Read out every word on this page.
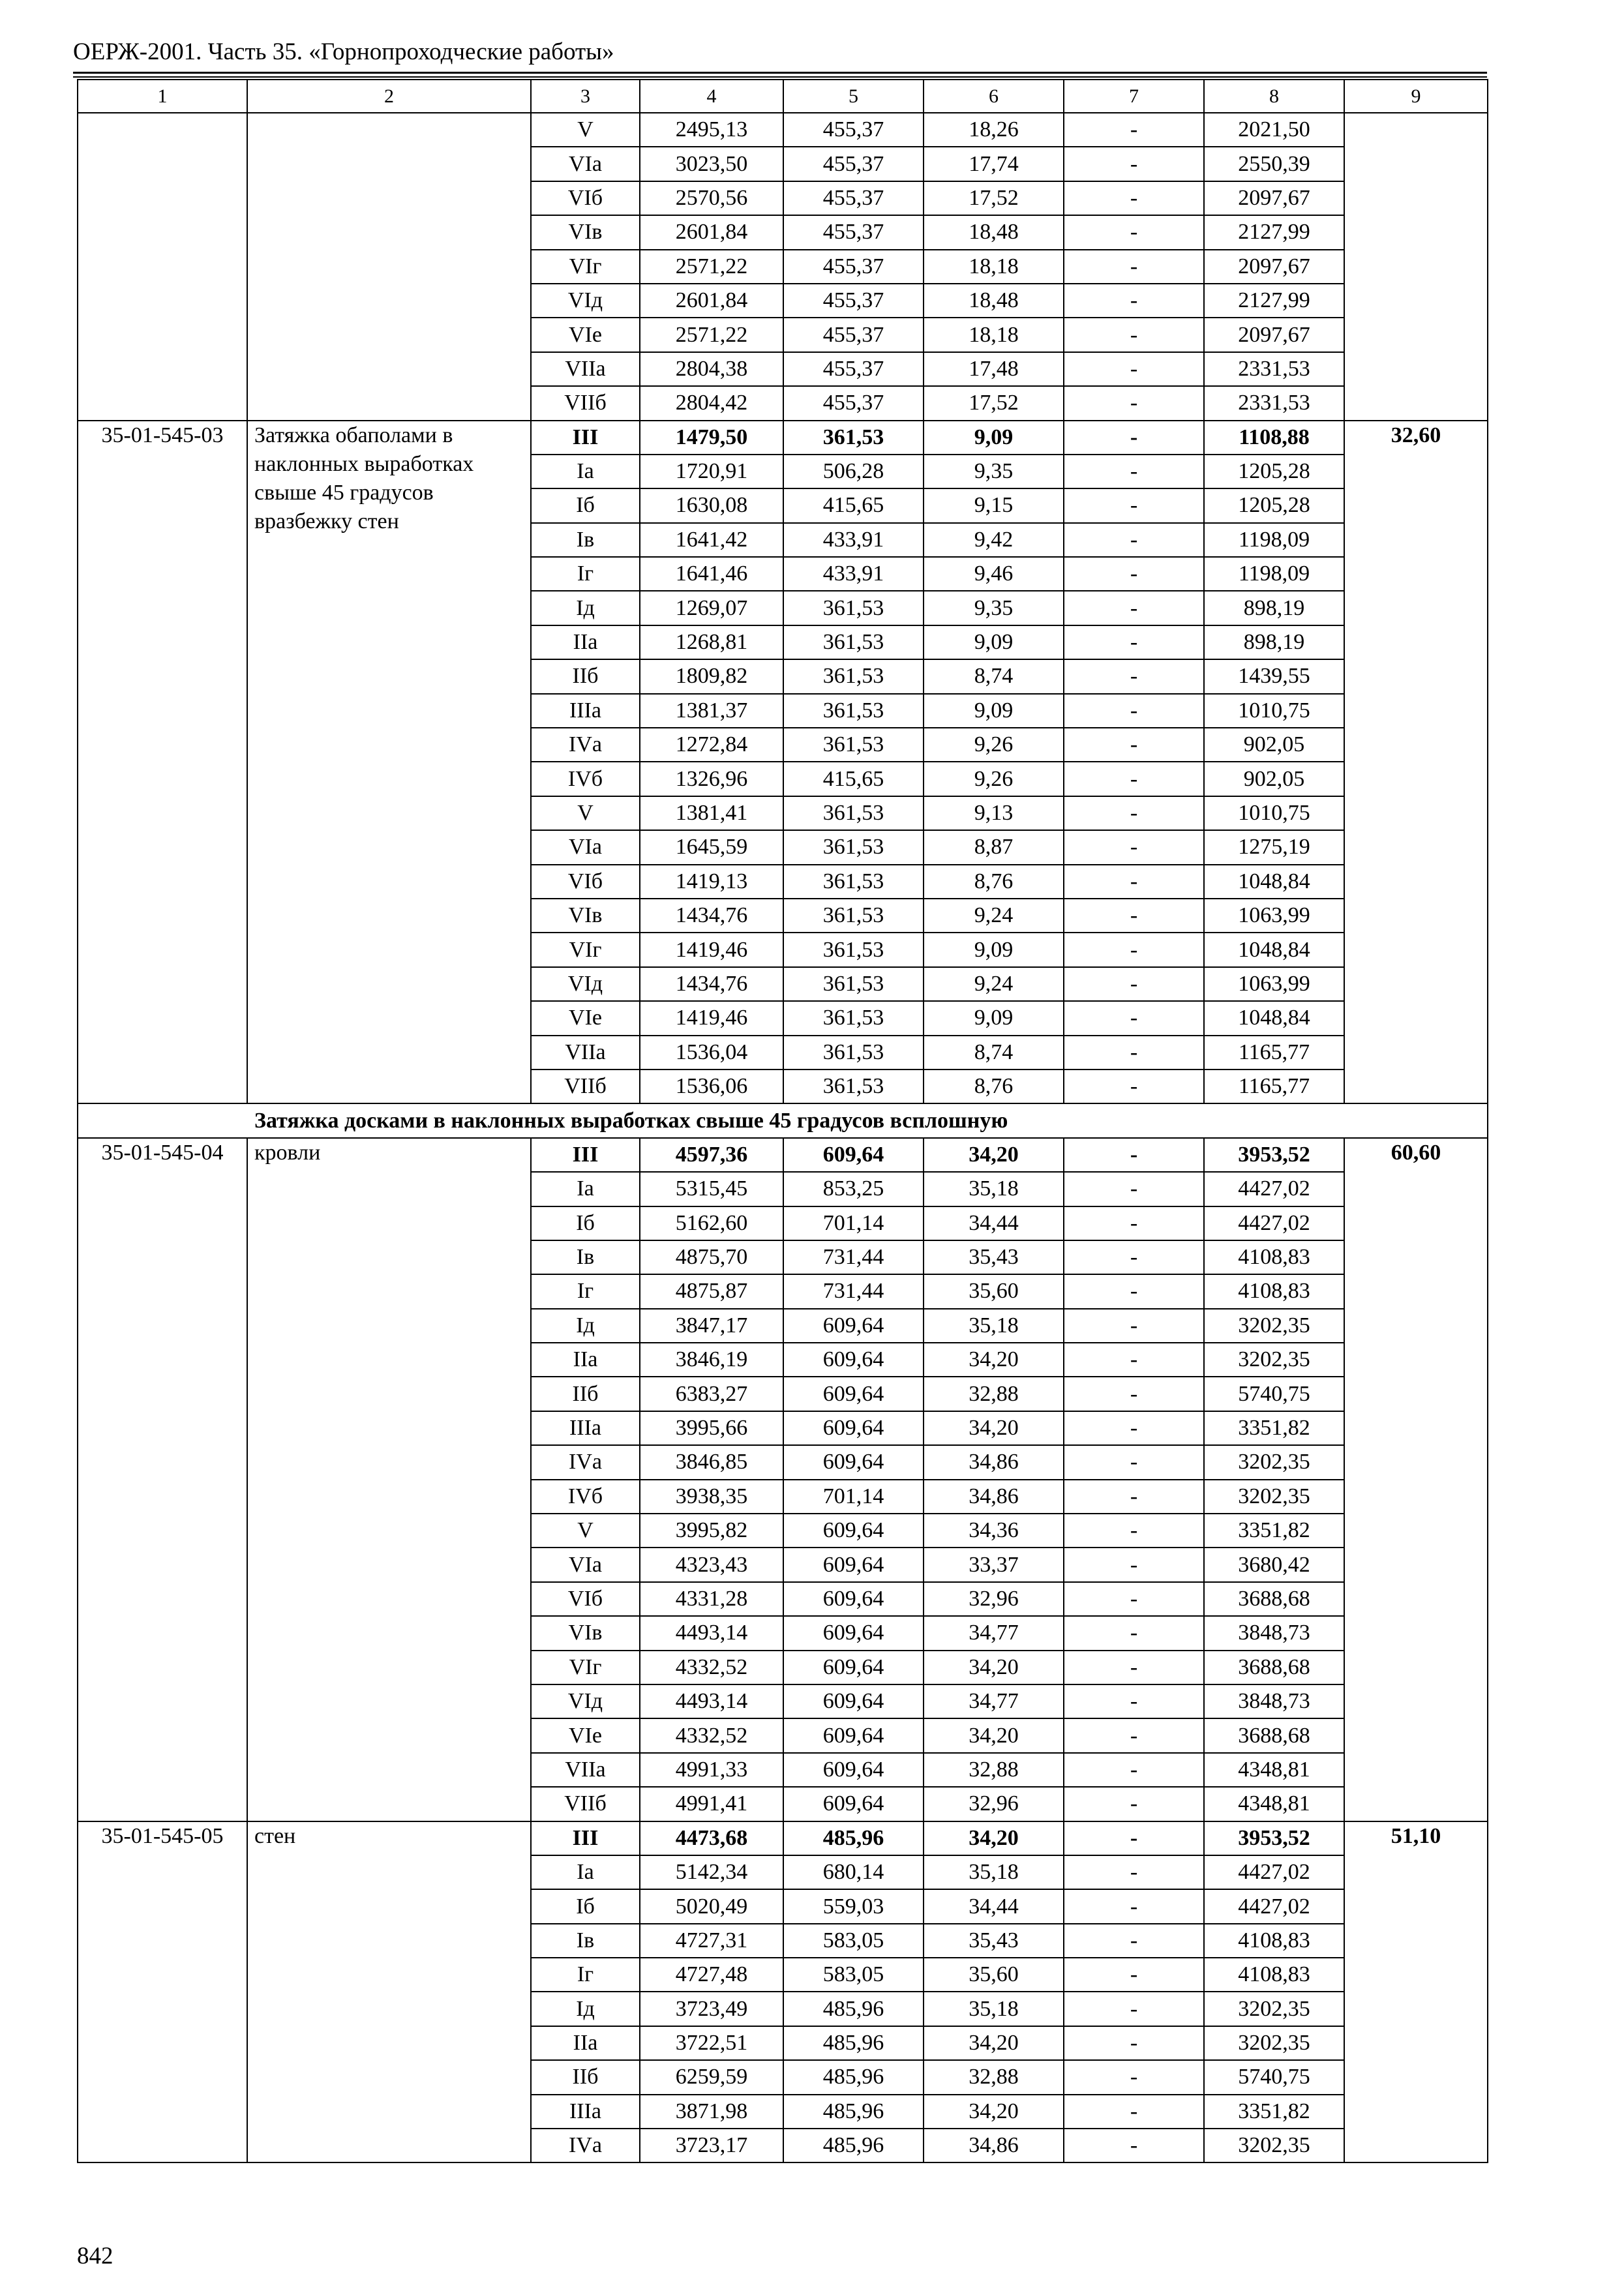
ОЕРЖ-2001. Часть 35. «Горнопроходческие работы»
1	2	3	4	5	6	7	8	9
		V	2495,13	455,37	18,26	-	2021,50	
		VIа	3023,50	455,37	17,74	-	2550,39	
		VIб	2570,56	455,37	17,52	-	2097,67	
		VIв	2601,84	455,37	18,48	-	2127,99	
		VIг	2571,22	455,37	18,18	-	2097,67	
		VIд	2601,84	455,37	18,48	-	2127,99	
		VIе	2571,22	455,37	18,18	-	2097,67	
		VIIа	2804,38	455,37	17,48	-	2331,53	
		VIIб	2804,42	455,37	17,52	-	2331,53	
35-01-545-03	Затяжка обаполами в наклонных выработках свыше 45 градусов вразбежку стен	III	1479,50	361,53	9,09	-	1108,88	32,60
		Iа	1720,91	506,28	9,35	-	1205,28	
		Iб	1630,08	415,65	9,15	-	1205,28	
		Iв	1641,42	433,91	9,42	-	1198,09	
		Iг	1641,46	433,91	9,46	-	1198,09	
		Iд	1269,07	361,53	9,35	-	898,19	
		IIа	1268,81	361,53	9,09	-	898,19	
		IIб	1809,82	361,53	8,74	-	1439,55	
		IIIа	1381,37	361,53	9,09	-	1010,75	
		IVа	1272,84	361,53	9,26	-	902,05	
		IVб	1326,96	415,65	9,26	-	902,05	
		V	1381,41	361,53	9,13	-	1010,75	
		VIа	1645,59	361,53	8,87	-	1275,19	
		VIб	1419,13	361,53	8,76	-	1048,84	
		VIв	1434,76	361,53	9,24	-	1063,99	
		VIг	1419,46	361,53	9,09	-	1048,84	
		VIд	1434,76	361,53	9,24	-	1063,99	
		VIе	1419,46	361,53	9,09	-	1048,84	
		VIIа	1536,04	361,53	8,74	-	1165,77	
		VIIб	1536,06	361,53	8,76	-	1165,77	
Затяжка досками в наклонных выработках свыше 45 градусов всплошную								
35-01-545-04	кровли	III	4597,36	609,64	34,20	-	3953,52	60,60
		Iа	5315,45	853,25	35,18	-	4427,02	
		Iб	5162,60	701,14	34,44	-	4427,02	
		Iв	4875,70	731,44	35,43	-	4108,83	
		Iг	4875,87	731,44	35,60	-	4108,83	
		Iд	3847,17	609,64	35,18	-	3202,35	
		IIа	3846,19	609,64	34,20	-	3202,35	
		IIб	6383,27	609,64	32,88	-	5740,75	
		IIIа	3995,66	609,64	34,20	-	3351,82	
		IVа	3846,85	609,64	34,86	-	3202,35	
		IVб	3938,35	701,14	34,86	-	3202,35	
		V	3995,82	609,64	34,36	-	3351,82	
		VIа	4323,43	609,64	33,37	-	3680,42	
		VIб	4331,28	609,64	32,96	-	3688,68	
		VIв	4493,14	609,64	34,77	-	3848,73	
		VIг	4332,52	609,64	34,20	-	3688,68	
		VIд	4493,14	609,64	34,77	-	3848,73	
		VIе	4332,52	609,64	34,20	-	3688,68	
		VIIа	4991,33	609,64	32,88	-	4348,81	
		VIIб	4991,41	609,64	32,96	-	4348,81	
35-01-545-05	стен	III	4473,68	485,96	34,20	-	3953,52	51,10
		Iа	5142,34	680,14	35,18	-	4427,02	
		Iб	5020,49	559,03	34,44	-	4427,02	
		Iв	4727,31	583,05	35,43	-	4108,83	
		Iг	4727,48	583,05	35,60	-	4108,83	
		Iд	3723,49	485,96	35,18	-	3202,35	
		IIа	3722,51	485,96	34,20	-	3202,35	
		IIб	6259,59	485,96	32,88	-	5740,75	
		IIIа	3871,98	485,96	34,20	-	3351,82	
		IVа	3723,17	485,96	34,86	-	3202,35	
842
